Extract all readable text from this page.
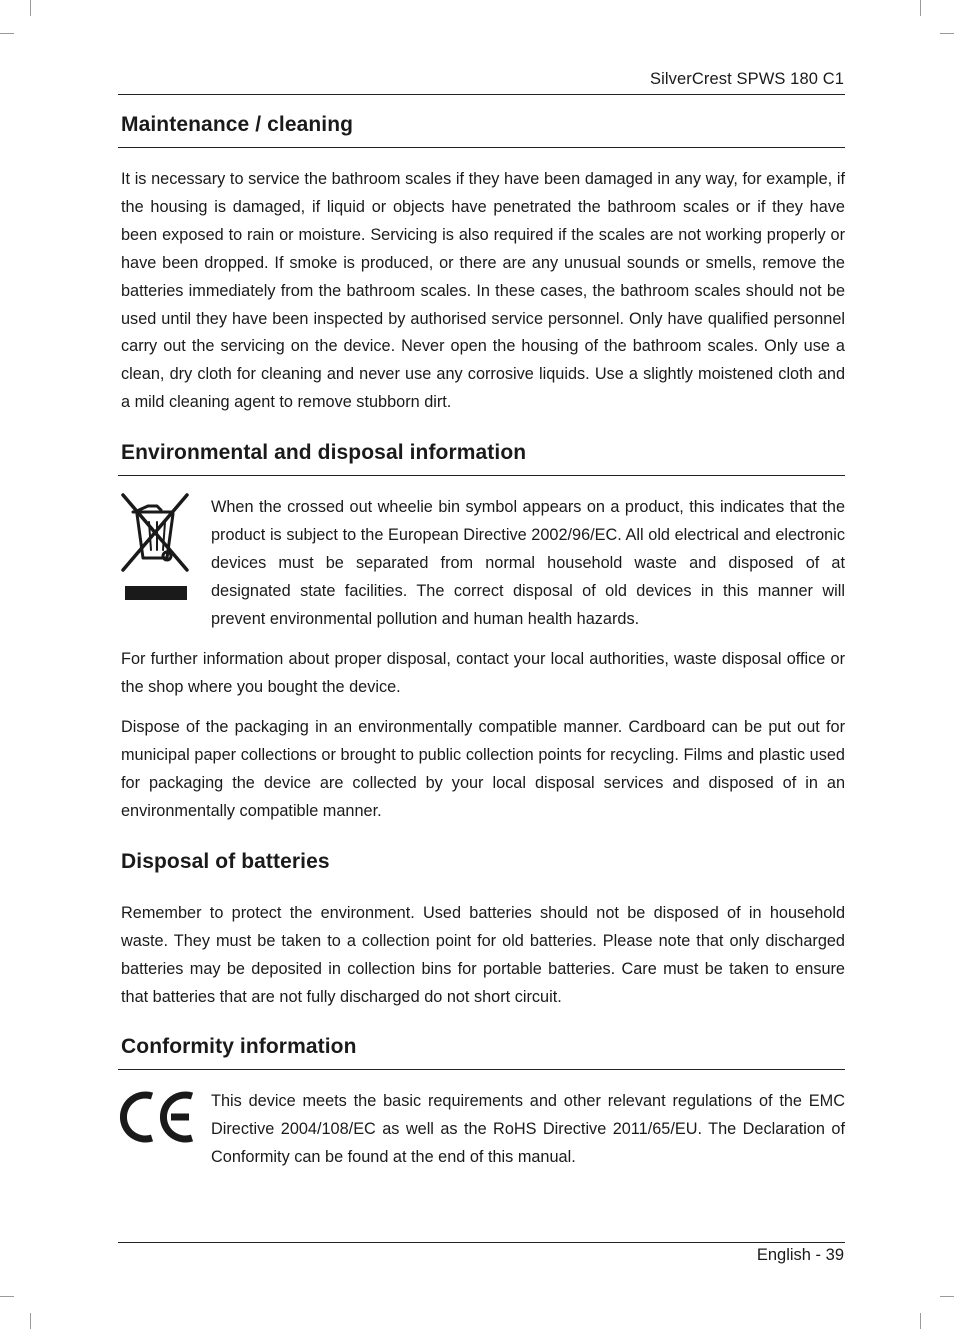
SilverCrest SPWS 180 C1
Maintenance / cleaning

It is necessary to service the bathroom scales if they have been damaged in any way, for example, if the housing is damaged, if liquid or objects have penetrated the bathroom scales or if they have been exposed to rain or moisture. Servicing is also required if the scales are not working properly or have been dropped. If smoke is produced, or there are any unusual sounds or smells, remove the batteries immediately from the bathroom scales. In these cases, the bathroom scales should not be used until they have been inspected by authorised service personnel. Only have qualified personnel carry out the servicing on the device. Never open the housing of the bathroom scales. Only use a clean, dry cloth for cleaning and never use any corrosive liquids. Use a slightly moistened cloth and a mild cleaning agent to remove stubborn dirt.

Environmental and disposal information

When the crossed out wheelie bin symbol appears on a product, this indicates that the product is subject to the European Directive 2002/96/EC. All old electrical and electronic devices must be separated from normal household waste and disposed of at designated state facilities. The correct disposal of old devices in this manner will prevent environmental pollution and human health hazards.

For further information about proper disposal, contact your local authorities, waste disposal office or the shop where you bought the device.

Dispose of the packaging in an environmentally compatible manner. Cardboard can be put out for municipal paper collections or brought to public collection points for recycling. Films and plastic used for packaging the device are collected by your local disposal services and disposed of in an environmentally compatible manner.

Disposal of batteries

Remember to protect the environment. Used batteries should not be disposed of in household waste. They must be taken to a collection point for old batteries. Please note that only discharged batteries may be deposited in collection bins for portable batteries. Care must be taken to ensure that batteries that are not fully discharged do not short circuit.

Conformity information

This device meets the basic requirements and other relevant regulations of the EMC Directive 2004/108/EC as well as the RoHS Directive 2011/65/EU. The Declaration of Conformity can be found at the end of this manual.

English - 39
